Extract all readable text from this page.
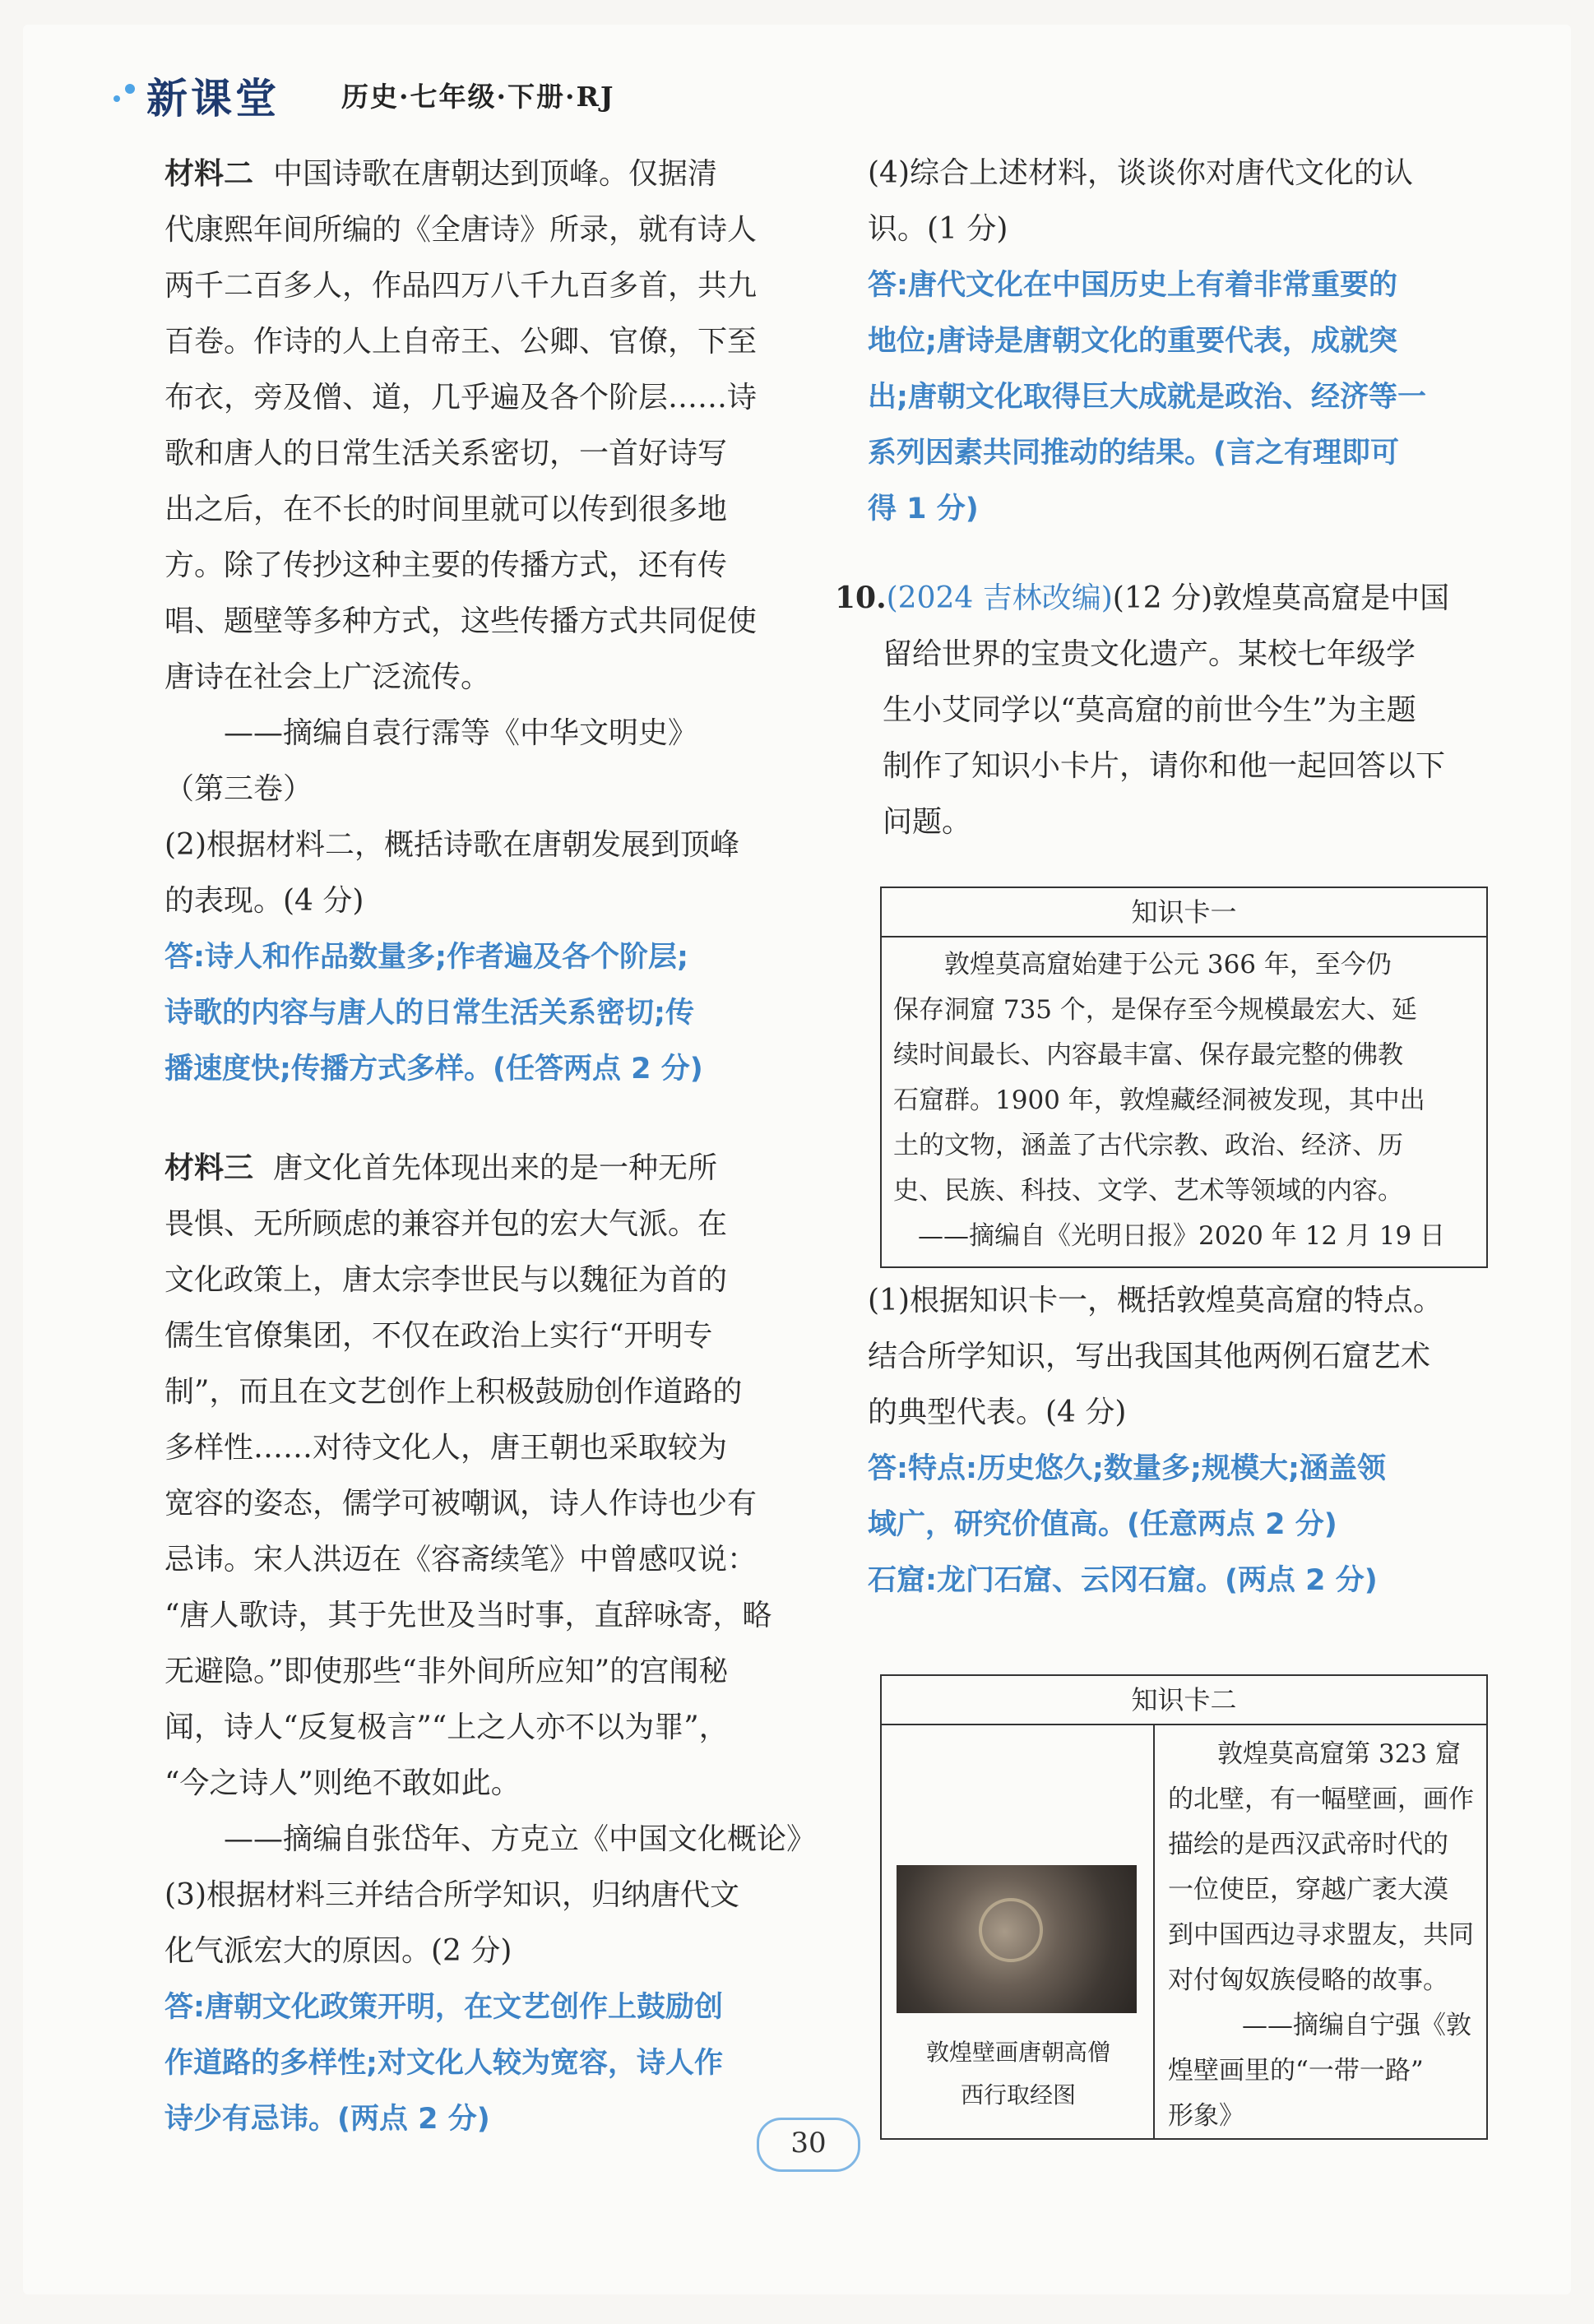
新课堂 历史·七年级·下册·RJ

材料二 中国诗歌在唐朝达到顶峰。仅据清

代康熙年间所编的《全唐诗》所录，就有诗人

两千二百多人，作品四万八千九百多首，共九

百卷。作诗的人上自帝王、公卿、官僚，下至

布衣，旁及僧、道，几乎遍及各个阶层……诗

歌和唐人的日常生活关系密切，一首好诗写

出之后，在不长的时间里就可以传到很多地

方。除了传抄这种主要的传播方式，还有传

唱、题壁等多种方式，这些传播方式共同促使

唐诗在社会上广泛流传。

——摘编自袁行霈等《中华文明史》

（第三卷）

(2)根据材料二，概括诗歌在唐朝发展到顶峰

的表现。(4 分)

答:诗人和作品数量多;作者遍及各个阶层;

诗歌的内容与唐人的日常生活关系密切;传

播速度快;传播方式多样。(任答两点 2 分)

材料三 唐文化首先体现出来的是一种无所

畏惧、无所顾虑的兼容并包的宏大气派。在

文化政策上，唐太宗李世民与以魏征为首的

儒生官僚集团，不仅在政治上实行“开明专

制”，而且在文艺创作上积极鼓励创作道路的

多样性……对待文化人，唐王朝也采取较为

宽容的姿态，儒学可被嘲讽，诗人作诗也少有

忌讳。宋人洪迈在《容斋续笔》中曾感叹说：

“唐人歌诗，其于先世及当时事，直辞咏寄，略

无避隐。”即使那些“非外间所应知”的宫闱秘

闻，诗人“反复极言”“上之人亦不以为罪”，

“今之诗人”则绝不敢如此。

——摘编自张岱年、方克立《中国文化概论》

(3)根据材料三并结合所学知识，归纳唐代文

化气派宏大的原因。(2 分)

答:唐朝文化政策开明，在文艺创作上鼓励创

作道路的多样性;对文化人较为宽容，诗人作

诗少有忌讳。(两点 2 分)

(4)综合上述材料，谈谈你对唐代文化的认

识。(1 分)

答:唐代文化在中国历史上有着非常重要的

地位;唐诗是唐朝文化的重要代表，成就突

出;唐朝文化取得巨大成就是政治、经济等一

系列因素共同推动的结果。(言之有理即可

得 1 分)

10.(2024 吉林改编)(12 分)敦煌莫高窟是中国

留给世界的宝贵文化遗产。某校七年级学

生小艾同学以“莫高窟的前世今生”为主题

制作了知识小卡片，请你和他一起回答以下

问题。

知识卡一
敦煌莫高窟始建于公元 366 年，至今仍
保存洞窟 735 个，是保存至今规模最宏大、延
续时间最长、内容最丰富、保存最完整的佛教
石窟群。1900 年，敦煌藏经洞被发现，其中出
土的文物，涵盖了古代宗教、政治、经济、历
史、民族、科技、文学、艺术等领域的内容。
——摘编自《光明日报》2020 年 12 月 19 日

(1)根据知识卡一，概括敦煌莫高窟的特点。

结合所学知识，写出我国其他两例石窟艺术

的典型代表。(4 分)

答:特点:历史悠久;数量多;规模大;涵盖领

域广，研究价值高。(任意两点 2 分)

石窟:龙门石窟、云冈石窟。(两点 2 分)

知识卡二
敦煌壁画唐朝高僧
西行取经图
敦煌莫高窟第 323 窟
的北壁，有一幅壁画，画作
描绘的是西汉武帝时代的
一位使臣，穿越广袤大漠
到中国西边寻求盟友，共同
对付匈奴族侵略的故事。
——摘编自宁强《敦
煌壁画里的“一带一路”
形象》
30
